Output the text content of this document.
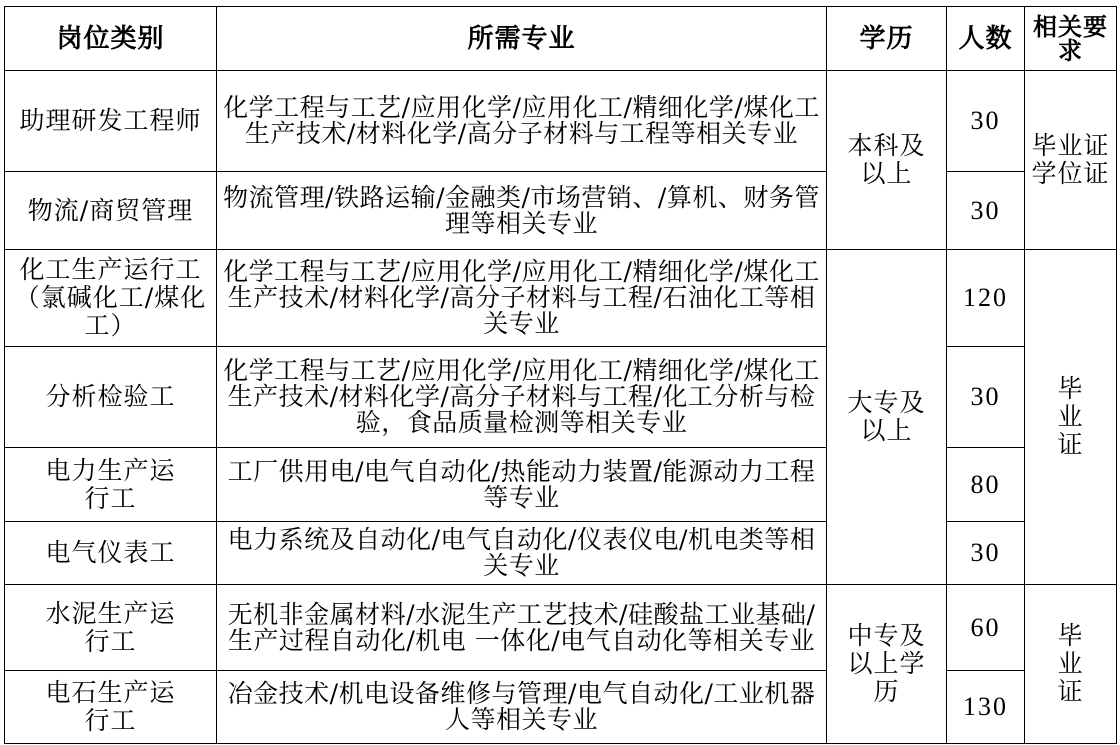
岗位类别	所需专业	学历	人数	相关要求

助理研发工程师	化学工程与工艺/应用化学/应用化工/精细化学/煤化工生产技术/材料化学/高分子材料与工程等相关专业	本科及以上	30	毕业证学位证

物流/商贸管理	物流管理/铁路运输/金融类/市场营销、/算机、财务管理等相关专业		30	
化工生产运行工（氯碱化工/煤化工）	化学工程与工艺/应用化学/应用化工/精细化学/煤化工生产技术/材料化学/高分子材料与工程/石油化工等相关专业	大专及以上	120	毕业证

分析检验工	化学工程与工艺/应用化学/应用化工/精细化学/煤化工生产技术/材料化学/高分子材料与工程/化工分析与检验，食品质量检测等相关专业		30	

电力生产运行工	工厂供用电/电气自动化/热能动力装置/能源动力工程等专业		80	
电气仪表工	电力系统及自动化/电气自动化/仪表仪电/机电类等相关专业		30	

水泥生产运行工	无机非金属材料/水泥生产工艺技术/硅酸盐工业基础/生产过程自动化/机电 一体化/电气自动化等相关专业	中专及以上学历	60	毕业证

电石生产运行工	冶金技术/机电设备维修与管理/电气自动化/工业机器人等相关专业		130	
